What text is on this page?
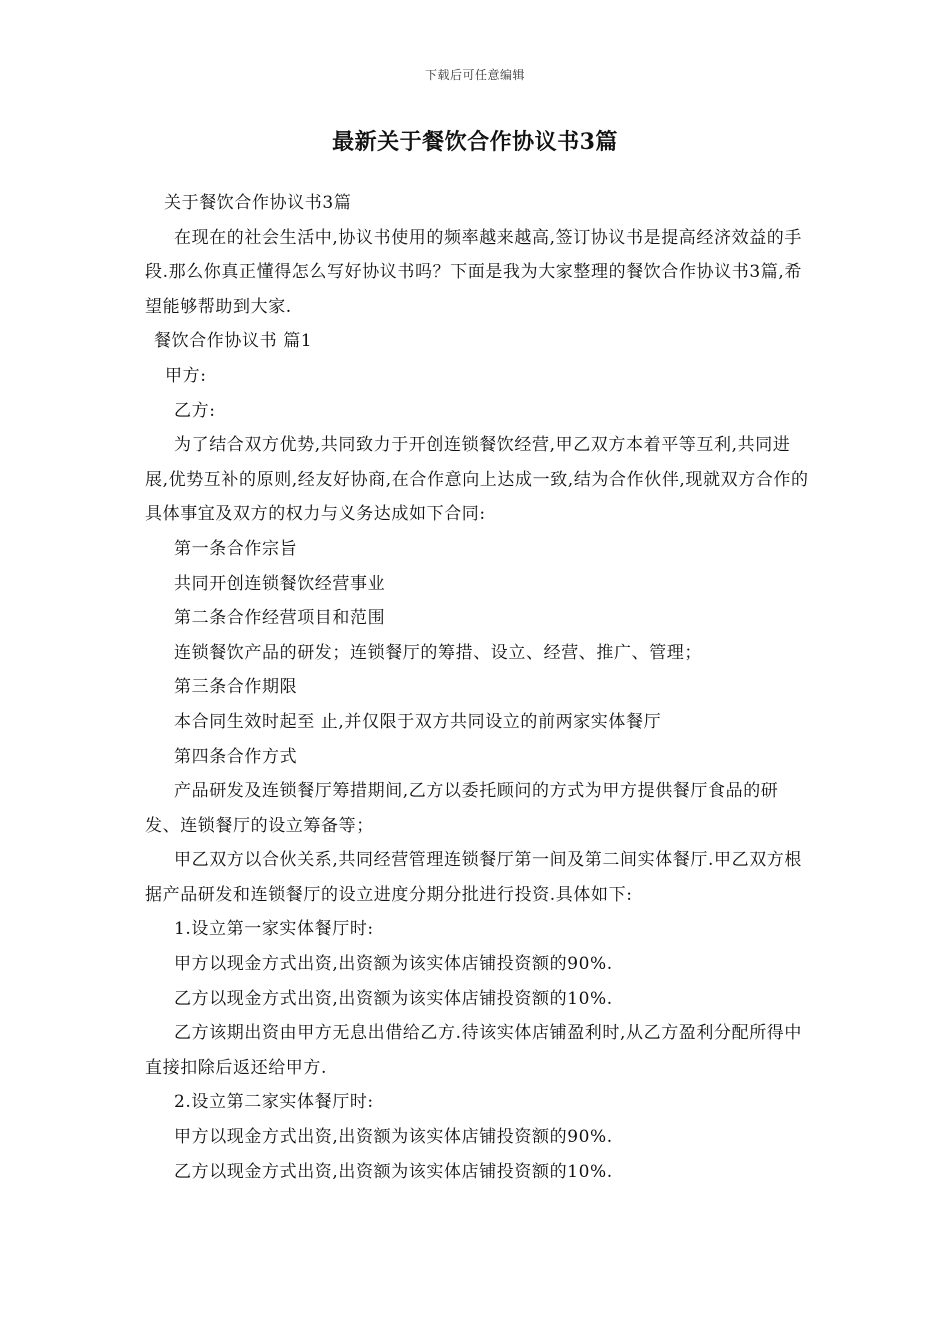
下载后可任意编辑
最新关于餐饮合作协议书3篇

关于餐饮合作协议书3篇

在现在的社会生活中,协议书使用的频率越来越高,签订协议书是提高经济效益的手段.那么你真正懂得怎么写好协议书吗？下面是我为大家整理的餐饮合作协议书3篇,希望能够帮助到大家.

餐饮合作协议书 篇1

甲方:

乙方:

为了结合双方优势,共同致力于开创连锁餐饮经营,甲乙双方本着平等互利,共同进展,优势互补的原则,经友好协商,在合作意向上达成一致,结为合作伙伴,现就双方合作的具体事宜及双方的权力与义务达成如下合同:

第一条合作宗旨

共同开创连锁餐饮经营事业

第二条合作经营项目和范围

连锁餐饮产品的研发；连锁餐厅的筹措、设立、经营、推广、管理；

第三条合作期限

本合同生效时起至 止,并仅限于双方共同设立的前两家实体餐厅

第四条合作方式

产品研发及连锁餐厅筹措期间,乙方以委托顾问的方式为甲方提供餐厅食品的研发、连锁餐厅的设立筹备等；

甲乙双方以合伙关系,共同经营管理连锁餐厅第一间及第二间实体餐厅.甲乙双方根据产品研发和连锁餐厅的设立进度分期分批进行投资.具体如下:

1.设立第一家实体餐厅时:

甲方以现金方式出资,出资额为该实体店铺投资额的90%.

乙方以现金方式出资,出资额为该实体店铺投资额的10%.

乙方该期出资由甲方无息出借给乙方.待该实体店铺盈利时,从乙方盈利分配所得中直接扣除后返还给甲方.

2.设立第二家实体餐厅时:

甲方以现金方式出资,出资额为该实体店铺投资额的90%.

乙方以现金方式出资,出资额为该实体店铺投资额的10%.
